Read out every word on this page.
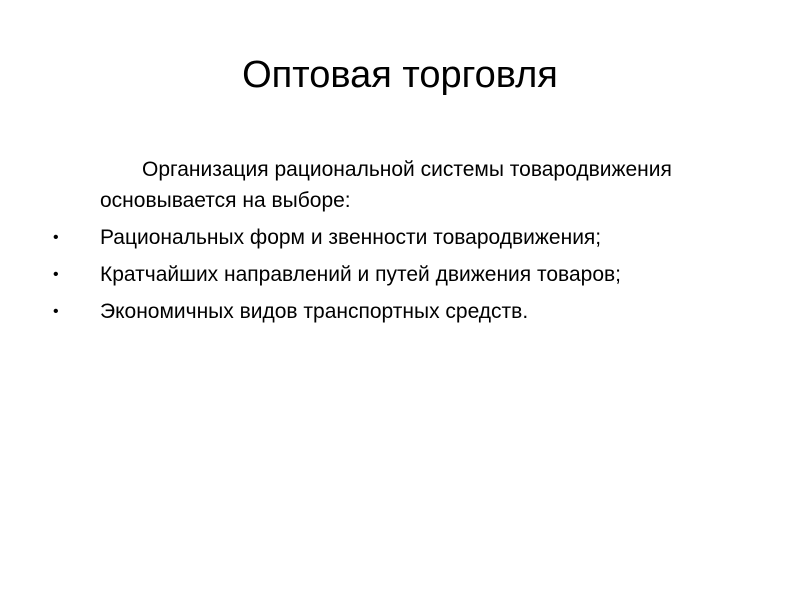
Оптовая торговля

Организация рациональной системы товародвижения основывается на выборе:

• Рациональных форм и звенности товародвижения;
• Кратчайших направлений и путей движения товаров;
• Экономичных видов транспортных средств.
